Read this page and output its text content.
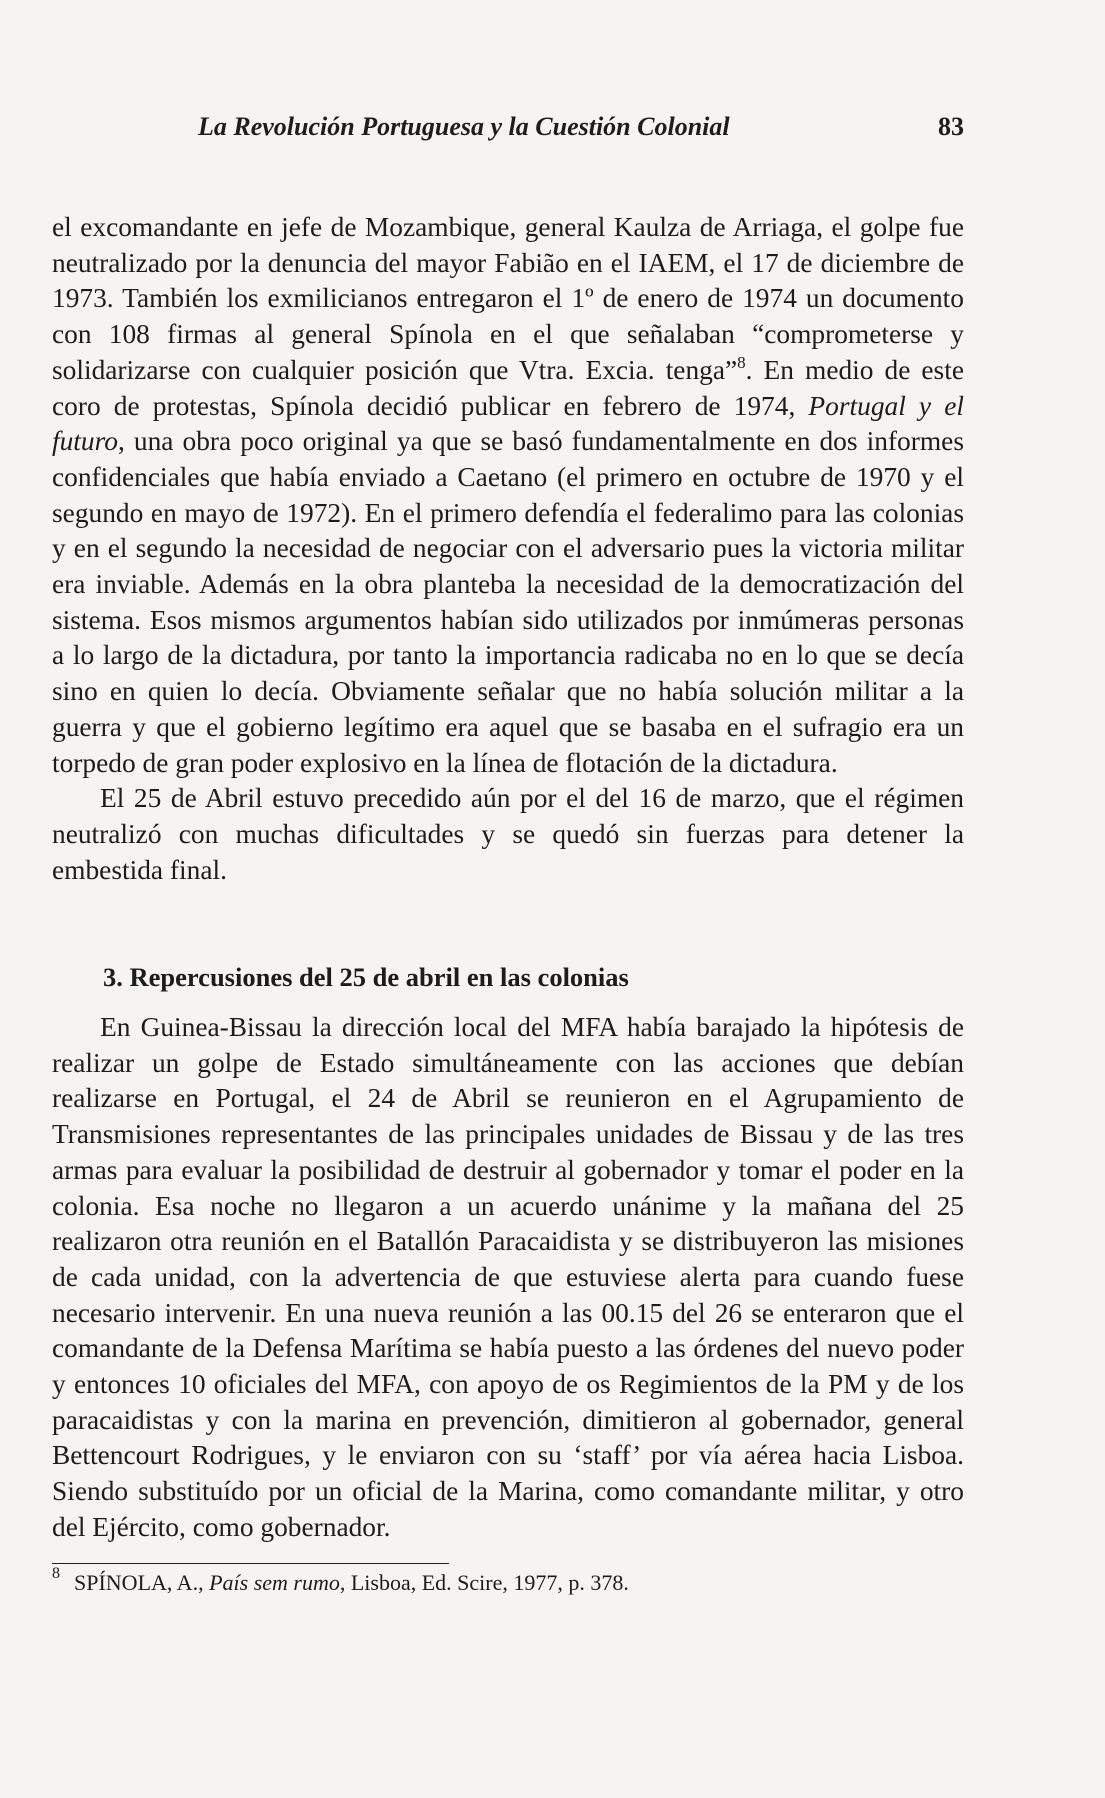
La Revolución Portuguesa y la Cuestión Colonial	83

el excomandante en jefe de Mozambique, general Kaulza de Arriaga, el golpe fue neutralizado por la denuncia del mayor Fabião en el IAEM, el 17 de diciembre de 1973. También los exmilicianos entregaron el 1º de enero de 1974 un documento con 108 firmas al general Spínola en el que señalaban “comprometerse y solidarizarse con cualquier posición que Vtra. Excia. tenga”$^8$. En medio de este coro de protestas, Spínola decidió publicar en febrero de 1974, Portugal y el futuro, una obra poco original ya que se basó fundamentalmente en dos informes confidenciales que había enviado a Caetano (el primero en octubre de 1970 y el segundo en mayo de 1972). En el primero defendía el federalimo para las colonias y en el segundo la necesidad de negociar con el adversario pues la victoria militar era inviable. Además en la obra planteba la necesidad de la democratización del sistema. Esos mismos argumentos habían sido utilizados por inmúmeras personas a lo largo de la dictadura, por tanto la importancia radicaba no en lo que se decía sino en quien lo decía. Obviamente señalar que no había solución militar a la guerra y que el gobierno legítimo era aquel que se basaba en el sufragio era un torpedo de gran poder explosivo en la línea de flotación de la dictadura.

El 25 de Abril estuvo precedido aún por el del 16 de marzo, que el régimen neutralizó con muchas dificultades y se quedó sin fuerzas para detener la embestida final.

3. Repercusiones del 25 de abril en las colonias

En Guinea-Bissau la dirección local del MFA había barajado la hipótesis de realizar un golpe de Estado simultáneamente con las acciones que debían realizarse en Portugal, el 24 de Abril se reunieron en el Agrupamiento de Transmisiones representantes de las principales unidades de Bissau y de las tres armas para evaluar la posibilidad de destruir al gobernador y tomar el poder en la colonia. Esa noche no llegaron a un acuerdo unánime y la mañana del 25 realizaron otra reunión en el Batallón Paracaidista y se distribuyeron las misiones de cada unidad, con la advertencia de que estuviese alerta para cuando fuese necesario intervenir. En una nueva reunión a las 00.15 del 26 se enteraron que el comandante de la Defensa Marítima se había puesto a las órdenes del nuevo poder y entonces 10 oficiales del MFA, con apoyo de os Regimientos de la PM y de los paracaidistas y con la marina en prevención, dimitieron al gobernador, general Bettencourt Rodrigues, y le enviaron con su ‘staff’ por vía aérea hacia Lisboa. Siendo substituído por un oficial de la Marina, como comandante militar, y otro del Ejército, como gobernador.

$^8$ SPÍNOLA, A., País sem rumo, Lisboa, Ed. Scire, 1977, p. 378.
